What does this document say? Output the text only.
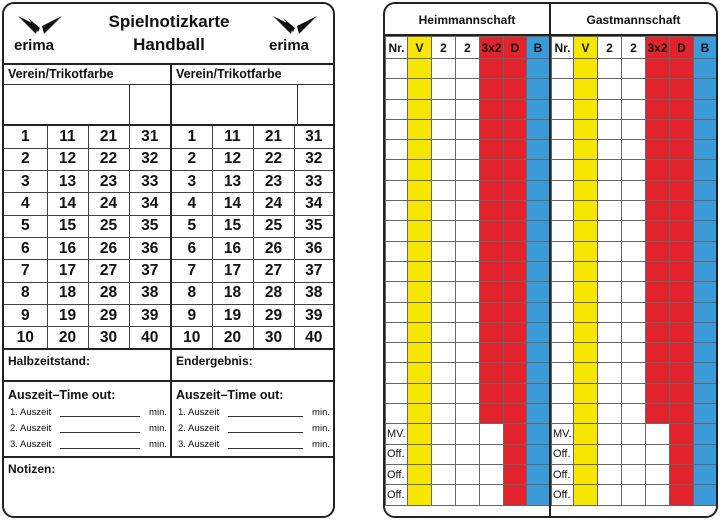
erima
Spielnotizkarte
Handball	erima
Verein/Trikotfarbe	Verein/Trikotfarbe
1	11	21	31
2	12	22	32
3	13	23	33
4	14	24	34
5	15	25	35
6	16	26	36
7	17	27	37
8	18	28	38
9	19	29	39
10	20	30	40
1	11	21	31
2	12	22	32
3	13	23	33
4	14	24	34
5	15	25	35
6	16	26	36
7	17	27	37
8	18	28	38
9	19	29	39
10	20	30	40
Halbzeitstand:	Endergebnis:
Auszeit–Time out:
1. Auszeit	min.
2. Auszeit	min.
3. Auszeit	min.
Auszeit–Time out:
1. Auszeit	min.
2. Auszeit	min.
3. Auszeit	min.
Notizen:
Heimmannschaft	Gastmannschaft
Nr.	V	2	2	3x2	D	B

MV.						
Off.						
Off.						
Off.						
Nr.	V	2	2	3x2	D	B

MV.						
Off.						
Off.						
Off.						
